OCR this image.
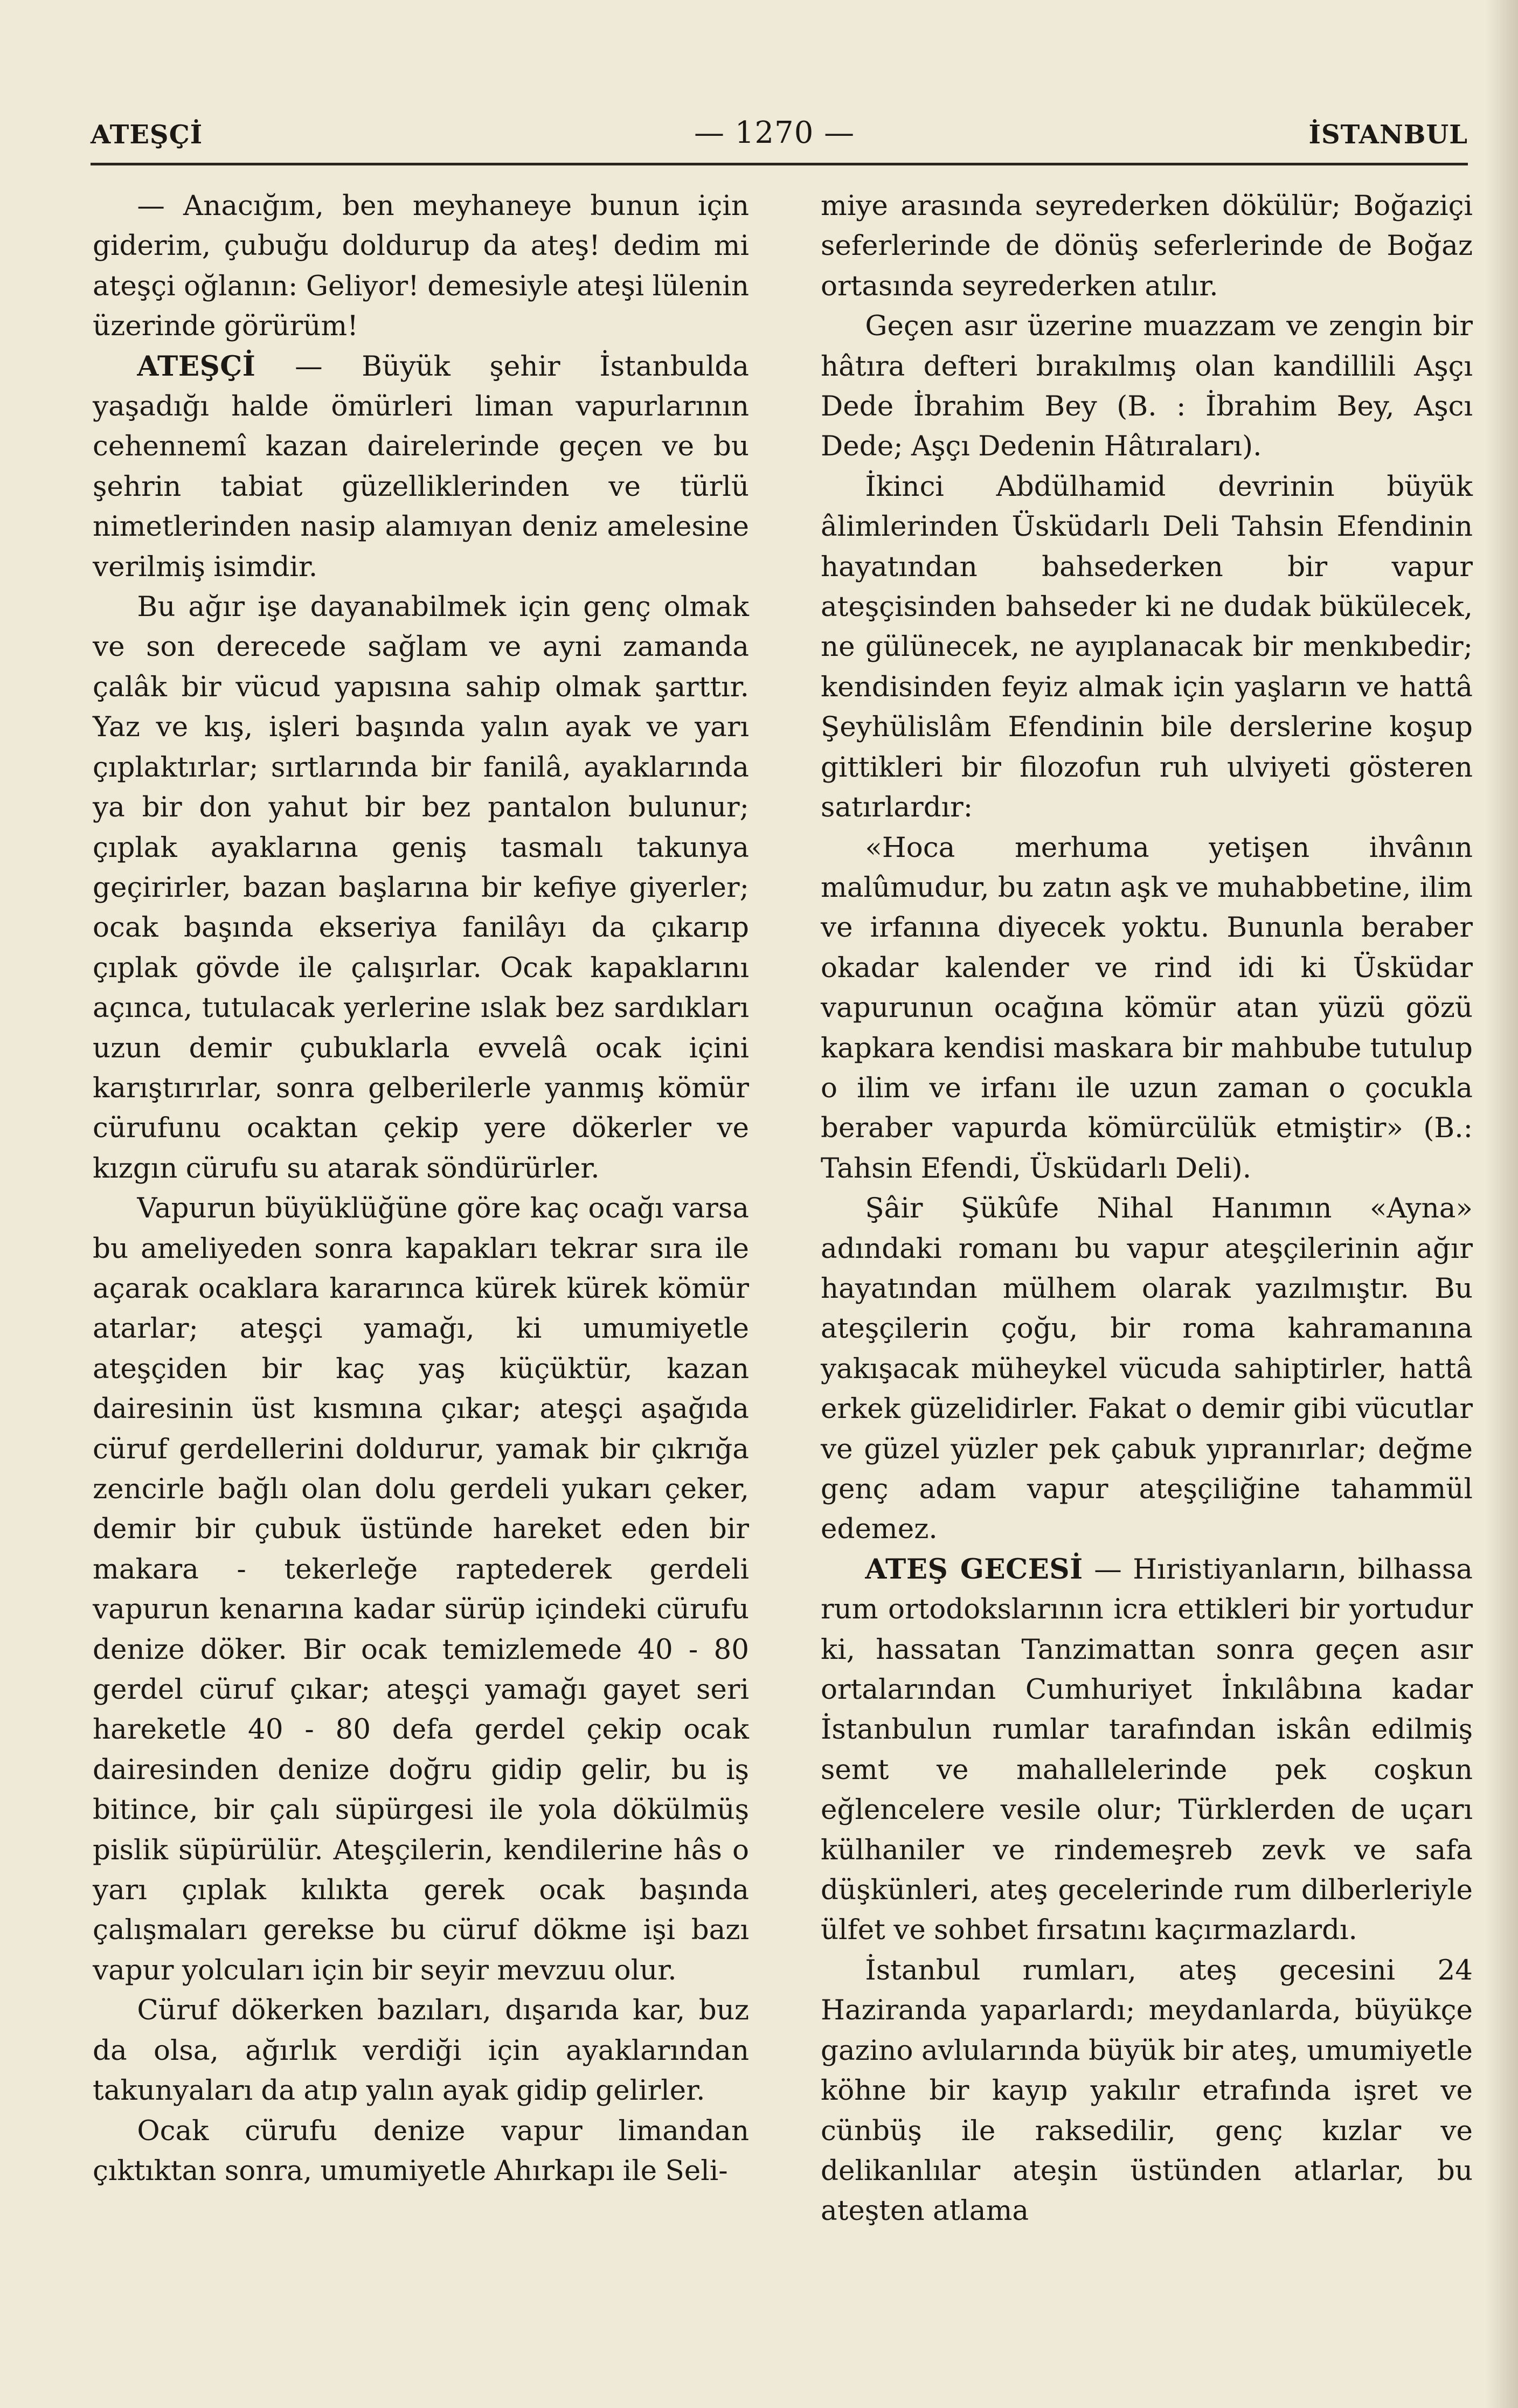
ATEŞÇİ	— 1270 —	İSTANBUL

— Anacığım, ben meyhaneye bunun için giderim, çubuğu doldurup da ateş! dedim mi ateşçi oğlanın: Geliyor! demesiyle ateşi lülenin üzerinde görürüm!

ATEŞÇİ — Büyük şehir İstanbulda yaşadığı halde ömürleri liman vapurlarının cehennemî kazan dairelerinde geçen ve bu şehrin tabiat güzelliklerinden ve türlü nimetlerinden nasip alamıyan deniz amelesine verilmiş isimdir.

Bu ağır işe dayanabilmek için genç olmak ve son derecede sağlam ve ayni zamanda çalâk bir vücud yapısına sahip olmak şarttır. Yaz ve kış, işleri başında yalın ayak ve yarı çıplaktırlar; sırtlarında bir fanilâ, ayaklarında ya bir don yahut bir bez pantalon bulunur; çıplak ayaklarına geniş tasmalı takunya geçirirler, bazan başlarına bir kefiye giyerler; ocak başında ekseriya fanilâyı da çıkarıp çıplak gövde ile çalışırlar. Ocak kapaklarını açınca, tutulacak yerlerine ıslak bez sardıkları uzun demir çubuklarla evvelâ ocak içini karıştırırlar, sonra gelberilerle yanmış kömür cürufunu ocaktan çekip yere dökerler ve kızgın cürufu su atarak söndürürler.

Vapurun büyüklüğüne göre kaç ocağı varsa bu ameliyeden sonra kapakları tekrar sıra ile açarak ocaklara kararınca kürek kürek kömür atarlar; ateşçi yamağı, ki umumiyetle ateşçiden bir kaç yaş küçüktür, kazan dairesinin üst kısmına çıkar; ateşçi aşağıda cüruf gerdellerini doldurur, yamak bir çıkrığa zencirle bağlı olan dolu gerdeli yukarı çeker, demir bir çubuk üstünde hareket eden bir makara - tekerleğe raptederek gerdeli vapurun kenarına kadar sürüp içindeki cürufu denize döker. Bir ocak temizlemede 40 - 80 gerdel cüruf çıkar; ateşçi yamağı gayet seri hareketle 40 - 80 defa gerdel çekip ocak dairesinden denize doğru gidip gelir, bu iş bitince, bir çalı süpürgesi ile yola dökülmüş pislik süpürülür. Ateşçilerin, kendilerine hâs o yarı çıplak kılıkta gerek ocak başında çalışmaları gerekse bu cüruf dökme işi bazı vapur yolcuları için bir seyir mevzuu olur.

Cüruf dökerken bazıları, dışarıda kar, buz da olsa, ağırlık verdiği için ayaklarından takunyaları da atıp yalın ayak gidip gelirler.

Ocak cürufu denize vapur limandan çıktıktan sonra, umumiyetle Ahırkapı ile Seli-

miye arasında seyrederken dökülür; Boğaziçi seferlerinde de dönüş seferlerinde de Boğaz ortasında seyrederken atılır.

Geçen asır üzerine muazzam ve zengin bir hâtıra defteri bırakılmış olan kandillili Aşçı Dede İbrahim Bey (B. : İbrahim Bey, Aşcı Dede; Aşçı Dedenin Hâtıraları).

İkinci Abdülhamid devrinin büyük âlimlerinden Üsküdarlı Deli Tahsin Efendinin hayatından bahsederken bir vapur ateşçisinden bahseder ki ne dudak bükülecek, ne gülünecek, ne ayıplanacak bir menkıbedir; kendisinden feyiz almak için yaşların ve hattâ Şeyhülislâm Efendinin bile derslerine koşup gittikleri bir filozofun ruh ulviyeti gösteren satırlardır:

«Hoca merhuma yetişen ihvânın malûmudur, bu zatın aşk ve muhabbetine, ilim ve irfanına diyecek yoktu. Bununla beraber okadar kalender ve rind idi ki Üsküdar vapurunun ocağına kömür atan yüzü gözü kapkara kendisi maskara bir mahbube tutulup o ilim ve irfanı ile uzun zaman o çocukla beraber vapurda kömürcülük etmiştir» (B.: Tahsin Efendi, Üsküdarlı Deli).

Şâir Şükûfe Nihal Hanımın «Ayna» adındaki romanı bu vapur ateşçilerinin ağır hayatından mülhem olarak yazılmıştır. Bu ateşçilerin çoğu, bir roma kahramanına yakışacak müheykel vücuda sahiptirler, hattâ erkek güzelidirler. Fakat o demir gibi vücutlar ve güzel yüzler pek çabuk yıpranırlar; değme genç adam vapur ateşçiliğine tahammül edemez.

ATEŞ GECESİ — Hıristiyanların, bilhassa rum ortodokslarının icra ettikleri bir yortudur ki, hassatan Tanzimattan sonra geçen asır ortalarından Cumhuriyet İnkılâbına kadar İstanbulun rumlar tarafından iskân edilmiş semt ve mahallelerinde pek coşkun eğlencelere vesile olur; Türklerden de uçarı külhaniler ve rindemeşreb zevk ve safa düşkünleri, ateş gecelerinde rum dilberleriyle ülfet ve sohbet fırsatını kaçırmazlardı.

İstanbul rumları, ateş gecesini 24 Haziranda yaparlardı; meydanlarda, büyükçe gazino avlularında büyük bir ateş, umumiyetle köhne bir kayıp yakılır etrafında işret ve cünbüş ile raksedilir, genç kızlar ve delikanlılar ateşin üstünden atlarlar, bu ateşten atlama
